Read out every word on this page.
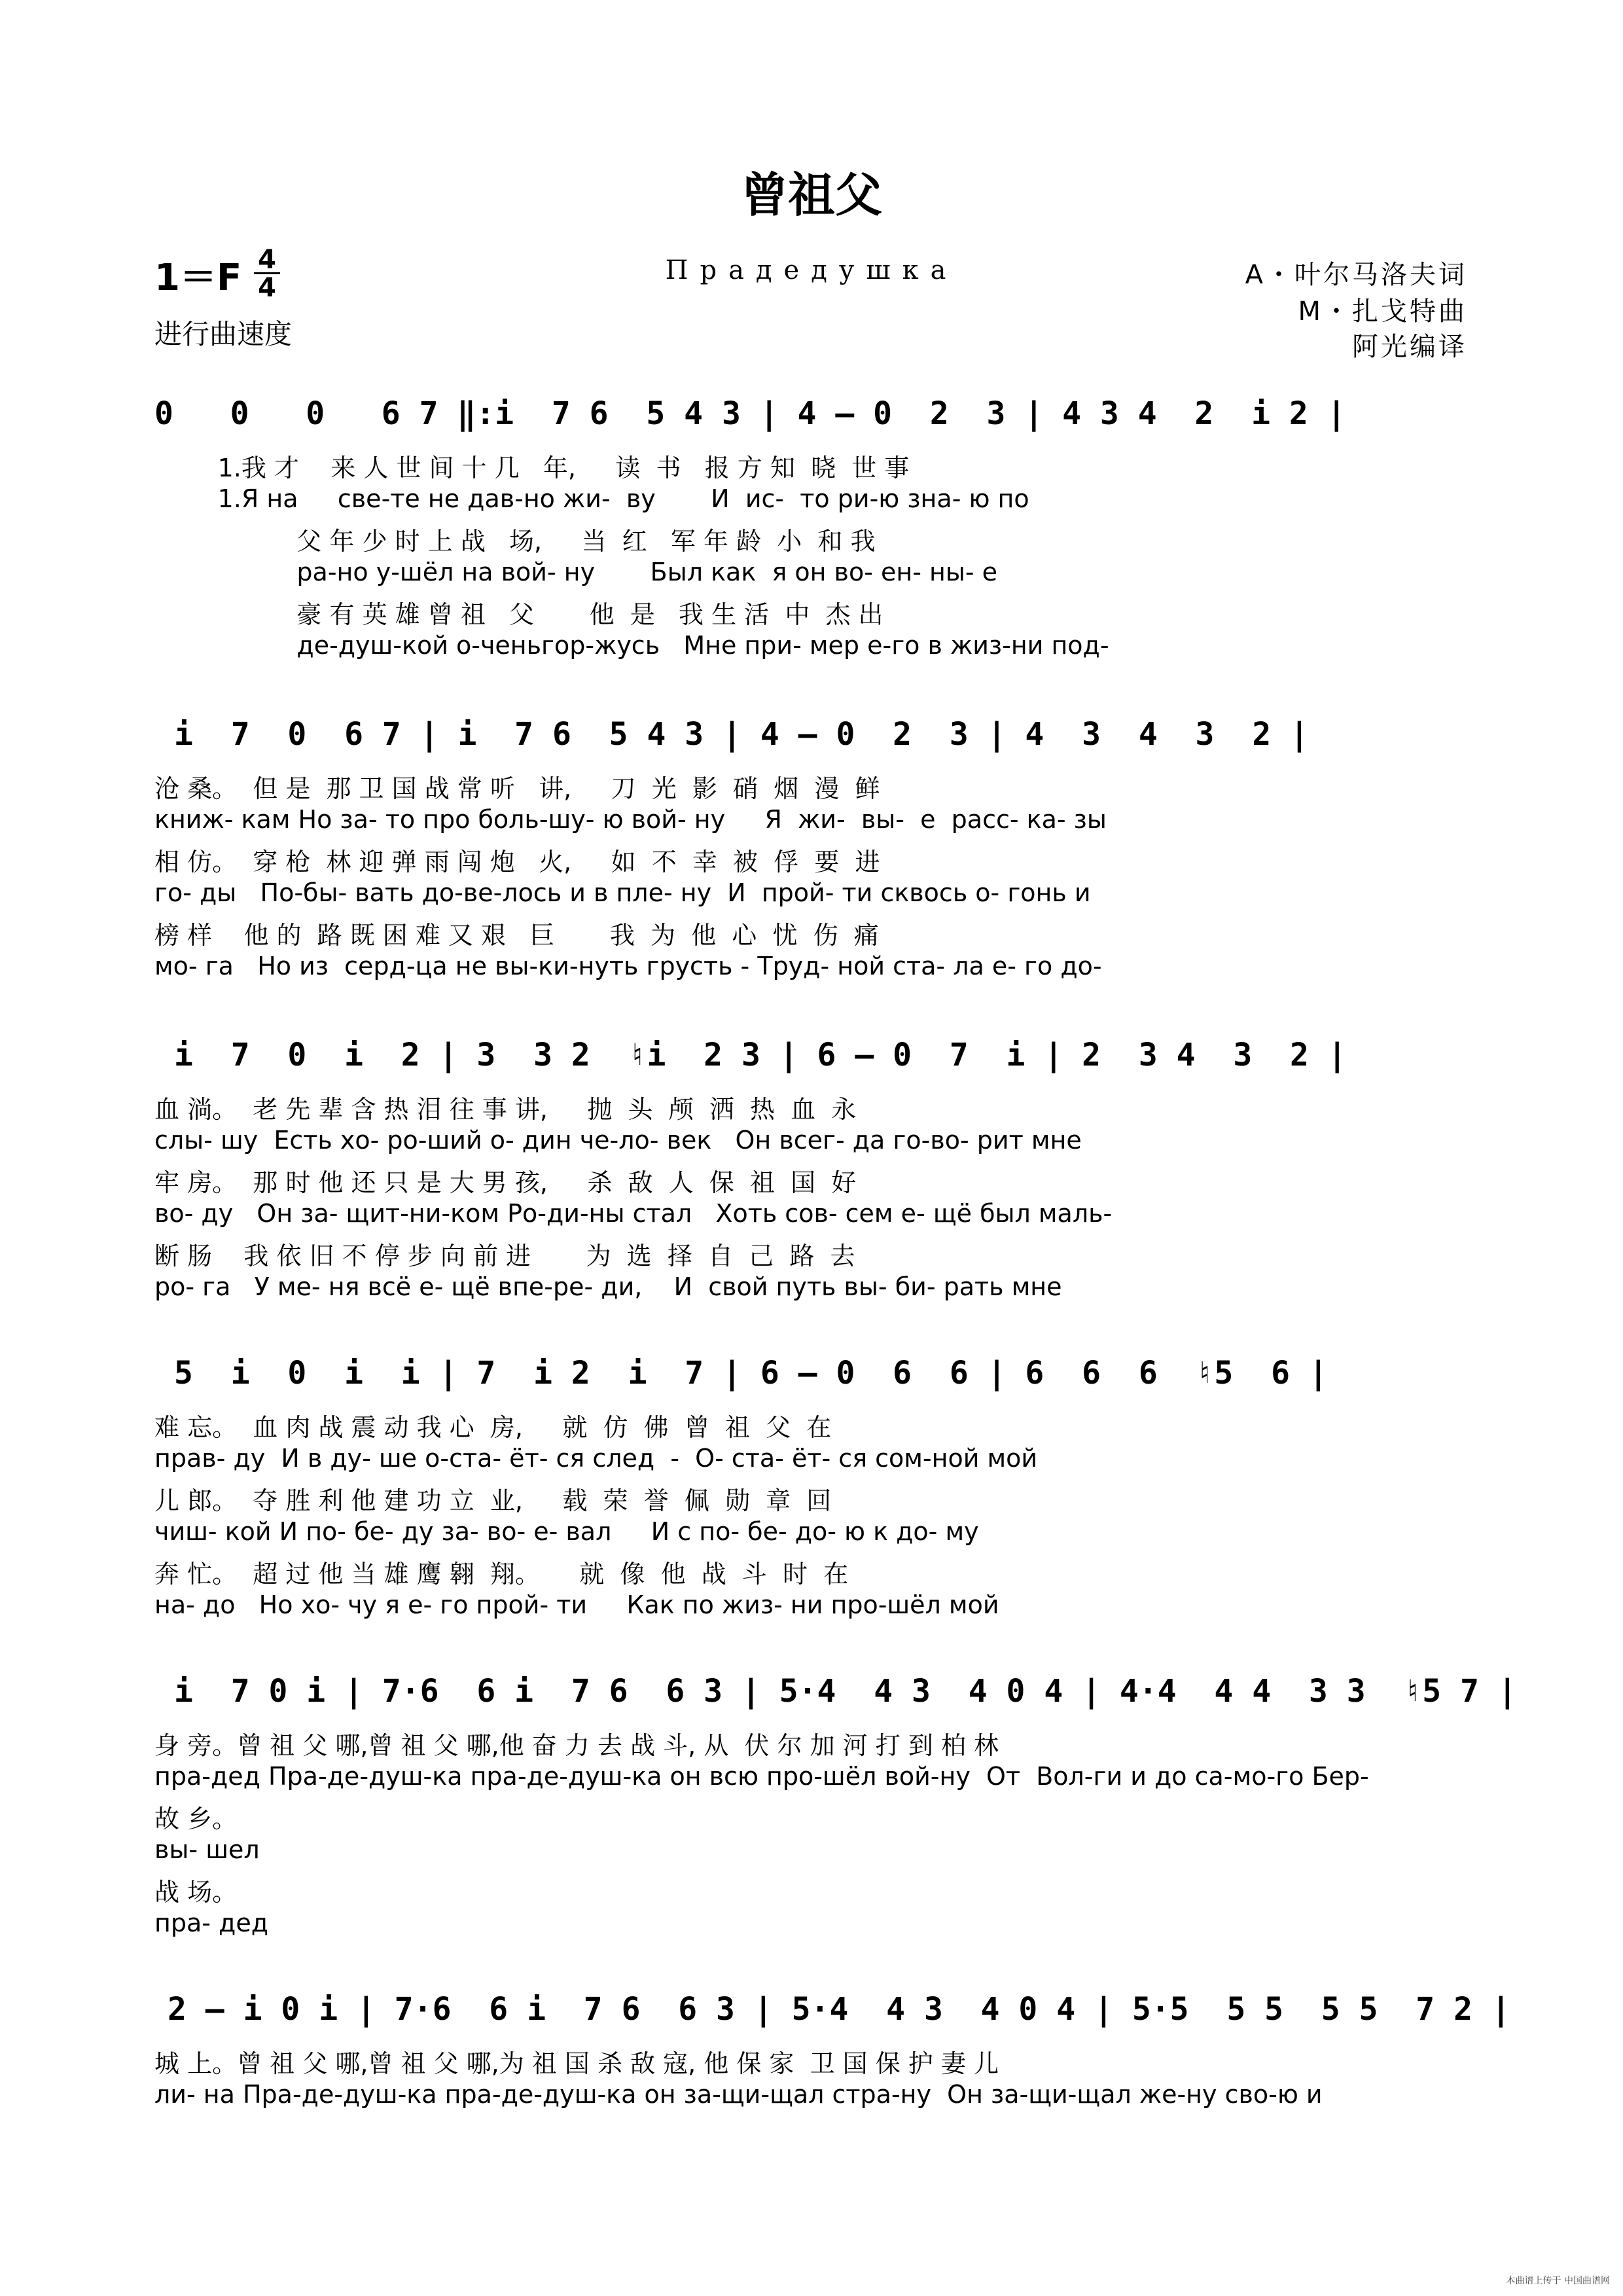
曾祖父
$1=F \frac{4}{4}$
进行曲速度
Прадедушка	A・叶尔马洛夫词
M・扎戈特曲
阿光编译
0   0   0   6 7 ‖:i  7 6  5 4 3 | 4 – 0  2  3 | 4 3 4  2  i 2 |
1.我 才    来 人 世 间 十 几   年,     读  书   报 方 知  晓  世 事
1.Я на     све-те не дав-но жи-  ву       И  ис-  то ри-ю зна- ю по
父 年 少 时 上 战   场,     当  红   军 年 龄  小  和 我
ра-но у-шёл на вой- ну       Был как  я он во- ен- ны- е
豪 有 英 雄 曾 祖   父       他  是   我 生 活  中  杰 出
де-душ-кой о-ченьгор-жусь   Мне при- мер е-го в жиз-ни под-
i  7  0  6 7 | i  7 6  5 4 3 | 4 – 0  2  3 | 4  3  4  3  2 |
沧 桑。  但 是  那 卫 国 战 常 听   讲,     刀  光  影  硝  烟  漫  鲜
книж- кам Но за- то про боль-шу- ю вой- ну     Я  жи-  вы-  е  расс- ка- зы
相 仿。  穿 枪  林 迎 弹 雨 闯 炮   火,     如  不  幸  被  俘  要  进
го- ды   По-бы- вать до-ве-лось и в пле- ну  И  прой- ти сквось о- гонь и
榜 样    他 的  路 既 困 难 又 艰   巨       我  为  他  心  忧  伤  痛
мо- га   Но из  серд-ца не вы-ки-нуть грусть - Труд- ной ста- ла е- го до-
i  7  0  i  2 | 3  3 2  ♮i  2 3 | 6 – 0  7  i | 2  3 4  3  2 |
血 淌。  老 先 辈 含 热 泪 往 事 讲,     抛  头  颅  洒  热  血  永
слы- шу  Есть хо- ро-ший о- дин че-ло- век   Он всег- да го-во- рит мне
牢 房。  那 时 他 还 只 是 大 男 孩,     杀  敌  人  保  祖  国  好
во- ду   Он за- щит-ни-ком Ро-ди-ны стал   Хоть сов- сем е- щё был маль-
断 肠    我 依 旧 不 停 步 向 前 进       为  选  择  自  己  路  去
ро- га   У ме- ня всё е- щё впе-ре- ди,    И  свой путь вы- би- рать мне
5  i  0  i  i | 7  i 2  i  7 | 6 – 0  6  6 | 6  6  6  ♮5  6 |
难 忘。  血 肉 战 震 动 我 心  房,     就  仿  佛  曾  祖  父  在
прав- ду  И в ду- ше о-ста- ёт- ся след  -  О- ста- ёт- ся сом-ной мой
儿 郎。  夺 胜 利 他 建 功 立  业,     载  荣  誉  佩  勋  章  回
чиш- кой И по- бе- ду за- во- е- вал     И с по- бе- до- ю к до- му
奔 忙。  超 过 他 当 雄 鹰 翱  翔。     就  像  他  战  斗  时  在
на- до   Но хо- чу я е- го прой- ти     Как по жиз- ни про-шёл мой
i  7 0 i | 7·6  6 i  7 6  6 3 | 5·4  4 3  4 0 4 | 4·4  4 4  3 3  ♮5 7 |
身 旁。曾 祖 父 哪,曾 祖 父 哪,他 奋 力 去 战 斗, 从  伏 尔 加 河 打 到 柏 林
пра-дед Пра-де-душ-ка пра-де-душ-ка он всю про-шёл вой-ну  От  Вол-ги и до са-мо-го Бер-
故 乡。
вы- шел
战 场。
пра- дед
2 – i 0 i | 7·6  6 i  7 6  6 3 | 5·4  4 3  4 0 4 | 5·5  5 5  5 5  7 2 |
城 上。曾 祖 父 哪,曾 祖 父 哪,为 祖 国 杀 敌 寇, 他 保 家  卫 国 保 护 妻 儿
ли- на Пра-де-душ-ка пра-де-душ-ка он за-щи-щал стра-ну  Он за-щи-щал же-ну сво-ю и
本曲谱上传于 中国曲谱网
